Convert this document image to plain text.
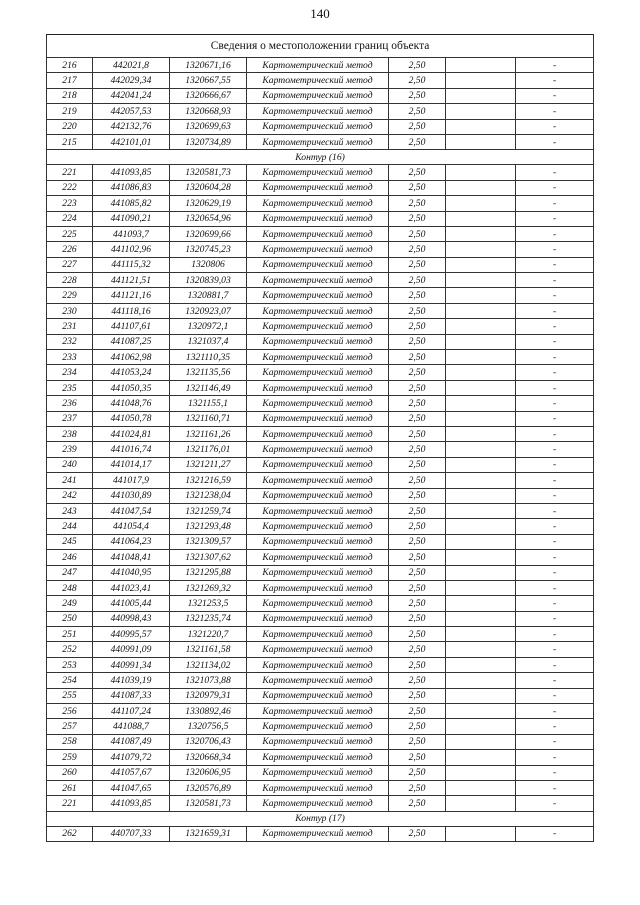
140
Сведения о местоположении границ объекта						
216	442021,8	1320671,16	Картометрический метод	2,50		-
217	442029,34	1320667,55	Картометрический метод	2,50		-
218	442041,24	1320666,67	Картометрический метод	2,50		-
219	442057,53	1320668,93	Картометрический метод	2,50		-
220	442132,76	1320699,63	Картометрический метод	2,50		-
215	442101,01	1320734,89	Картометрический метод	2,50		-
Контур (16)						
221	441093,85	1320581,73	Картометрический метод	2,50		-
222	441086,83	1320604,28	Картометрический метод	2,50		-
223	441085,82	1320629,19	Картометрический метод	2,50		-
224	441090,21	1320654,96	Картометрический метод	2,50		-
225	441093,7	1320699,66	Картометрический метод	2,50		-
226	441102,96	1320745,23	Картометрический метод	2,50		-
227	441115,32	1320806	Картометрический метод	2,50		-
228	441121,51	1320839,03	Картометрический метод	2,50		-
229	441121,16	1320881,7	Картометрический метод	2,50		-
230	441118,16	1320923,07	Картометрический метод	2,50		-
231	441107,61	1320972,1	Картометрический метод	2,50		-
232	441087,25	1321037,4	Картометрический метод	2,50		-
233	441062,98	1321110,35	Картометрический метод	2,50		-
234	441053,24	1321135,56	Картометрический метод	2,50		-
235	441050,35	1321146,49	Картометрический метод	2,50		-
236	441048,76	1321155,1	Картометрический метод	2,50		-
237	441050,78	1321160,71	Картометрический метод	2,50		-
238	441024,81	1321161,26	Картометрический метод	2,50		-
239	441016,74	1321176,01	Картометрический метод	2,50		-
240	441014,17	1321211,27	Картометрический метод	2,50		-
241	441017,9	1321216,59	Картометрический метод	2,50		-
242	441030,89	1321238,04	Картометрический метод	2,50		-
243	441047,54	1321259,74	Картометрический метод	2,50		-
244	441054,4	1321293,48	Картометрический метод	2,50		-
245	441064,23	1321309,57	Картометрический метод	2,50		-
246	441048,41	1321307,62	Картометрический метод	2,50		-
247	441040,95	1321295,88	Картометрический метод	2,50		-
248	441023,41	1321269,32	Картометрический метод	2,50		-
249	441005,44	1321253,5	Картометрический метод	2,50		-
250	440998,43	1321235,74	Картометрический метод	2,50		-
251	440995,57	1321220,7	Картометрический метод	2,50		-
252	440991,09	1321161,58	Картометрический метод	2,50		-
253	440991,34	1321134,02	Картометрический метод	2,50		-
254	441039,19	1321073,88	Картометрический метод	2,50		-
255	441087,33	1320979,31	Картометрический метод	2,50		-
256	441107,24	1330892,46	Картометрический метод	2,50		-
257	441088,7	1320756,5	Картометрический метод	2,50		-
258	441087,49	1320706,43	Картометрический метод	2,50		-
259	441079,72	1320668,34	Картометрический метод	2,50		-
260	441057,67	1320606,95	Картометрический метод	2,50		-
261	441047,65	1320576,89	Картометрический метод	2,50		-
221	441093,85	1320581,73	Картометрический метод	2,50		-
Контур (17)						
262	440707,33	1321659,31	Картометрический метод	2,50		-
